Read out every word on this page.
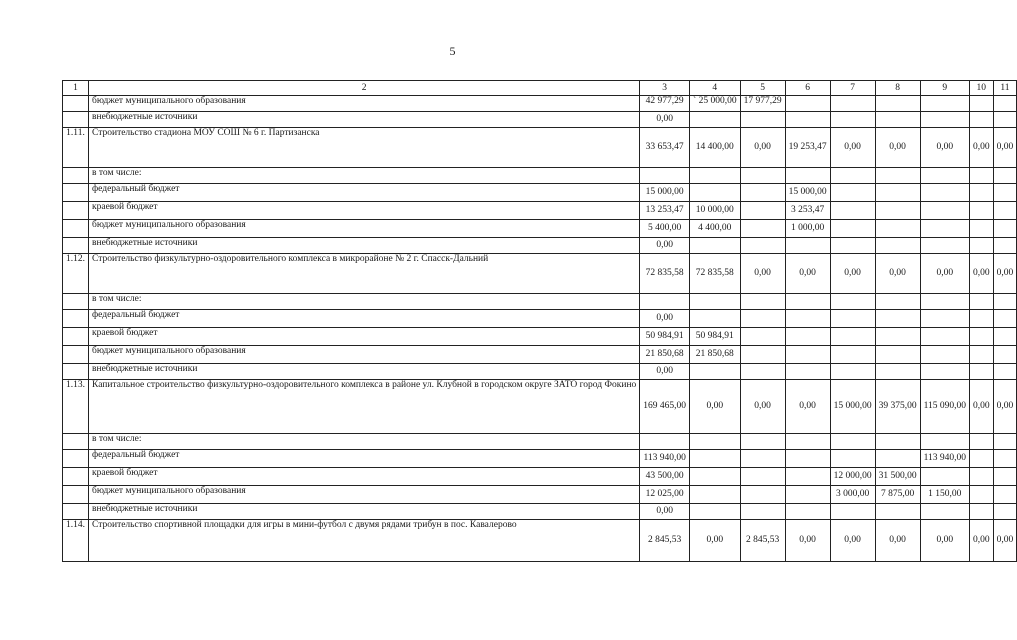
5
1	2	3	4	5	6	7	8	9	10	11
	бюджет муниципального образования	42 977,29	` 25 000,00	17 977,29						
	внебюджетные источники	0,00								
1.11.	Строительство стадиона МОУ СОШ № 6 г. Партизанска	33 653,47	14 400,00	0,00	19 253,47	0,00	0,00	0,00	0,00	0,00
	в том числе:									
	федеральный бюджет	15 000,00			15 000,00					
	краевой бюджет	13 253,47	10 000,00		3 253,47					
	бюджет муниципального образования	5 400,00	4 400,00		1 000,00					
	внебюджетные источники	0,00								
1.12.	Строительство физкультурно-оздоровительного комплекса в микрорайоне № 2 г. Спасск-Дальний	72 835,58	72 835,58	0,00	0,00	0,00	0,00	0,00	0,00	0,00
	в том числе:									
	федеральный бюджет	0,00								
	краевой бюджет	50 984,91	50 984,91							
	бюджет муниципального образования	21 850,68	21 850,68							
	внебюджетные источники	0,00								
1.13.	Капитальное строительство физкультурно-оздоровительного комплекса в районе ул. Клубной в городском округе ЗАТО город Фокино	169 465,00	0,00	0,00	0,00	15 000,00	39 375,00	115 090,00	0,00	0,00
	в том числе:									
	федеральный бюджет	113 940,00						113 940,00		
	краевой бюджет	43 500,00				12 000,00	31 500,00			
	бюджет муниципального образования	12 025,00				3 000,00	7 875,00	1 150,00		
	внебюджетные источники	0,00								
1.14.	Строительство спортивной площадки для игры в мини-футбол с двумя рядами трибун в пос. Кавалерово	2 845,53	0,00	2 845,53	0,00	0,00	0,00	0,00	0,00	0,00
